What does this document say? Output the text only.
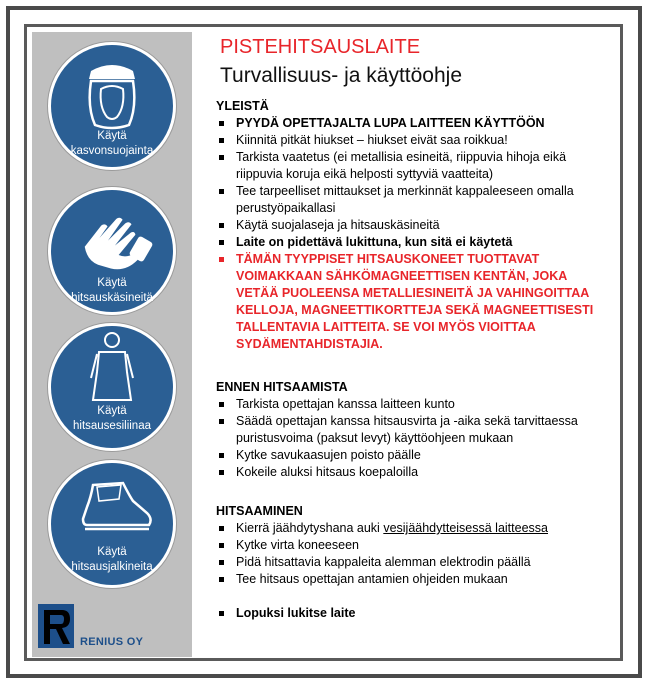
Käytä
kasvonsuojainta
Käytä
hitsauskäsineitä
Käytä
hitsausesiliinaa
Käytä
hitsausjalkineita
RENIUS OY
PISTEHITSAUSLAITE
Turvallisuus- ja käyttöohje

YLEISTÄ

PYYDÄ OPETTAJALTA LUPA LAITTEEN KÄYTTÖÖN
Kiinnitä pitkät hiukset – hiukset eivät saa roikkua!
Tarkista vaatetus (ei metallisia esineitä, riippuvia hihoja eikä riippuvia koruja eikä helposti syttyviä vaatteita)
Tee tarpeelliset mittaukset ja merkinnät kappaleeseen omalla perustyöpaikallasi
Käytä suojalaseja ja hitsauskäsineitä
Laite on pidettävä lukittuna, kun sitä ei käytetä
TÄMÄN TYYPPISET HITSAUSKONEET TUOTTAVAT VOIMAKKAAN SÄHKÖMAGNEETTISEN KENTÄN, JOKA VETÄÄ PUOLEENSA METALLIESINEITÄ JA VAHINGOITTAA KELLOJA, MAGNEETTIKORTTEJA SEKÄ MAGNEETTISESTI TALLENTAVIA LAITTEITA. SE VOI MYÖS VIOITTAA SYDÄMENTAHDISTAJIA.

ENNEN HITSAAMISTA

Tarkista opettajan kanssa laitteen kunto
Säädä opettajan kanssa hitsausvirta ja -aika sekä tarvittaessa puristusvoima (paksut levyt) käyttöohjeen mukaan
Kytke savukaasujen poisto päälle
Kokeile aluksi hitsaus koepaloilla

HITSAAMINEN

Kierrä jäähdytyshana auki vesijäähdytteisessä laitteessa
Kytke virta koneeseen
Pidä hitsattavia kappaleita alemman elektrodin päällä
Tee hitsaus opettajan antamien ohjeiden mukaan
Lopuksi lukitse laite
